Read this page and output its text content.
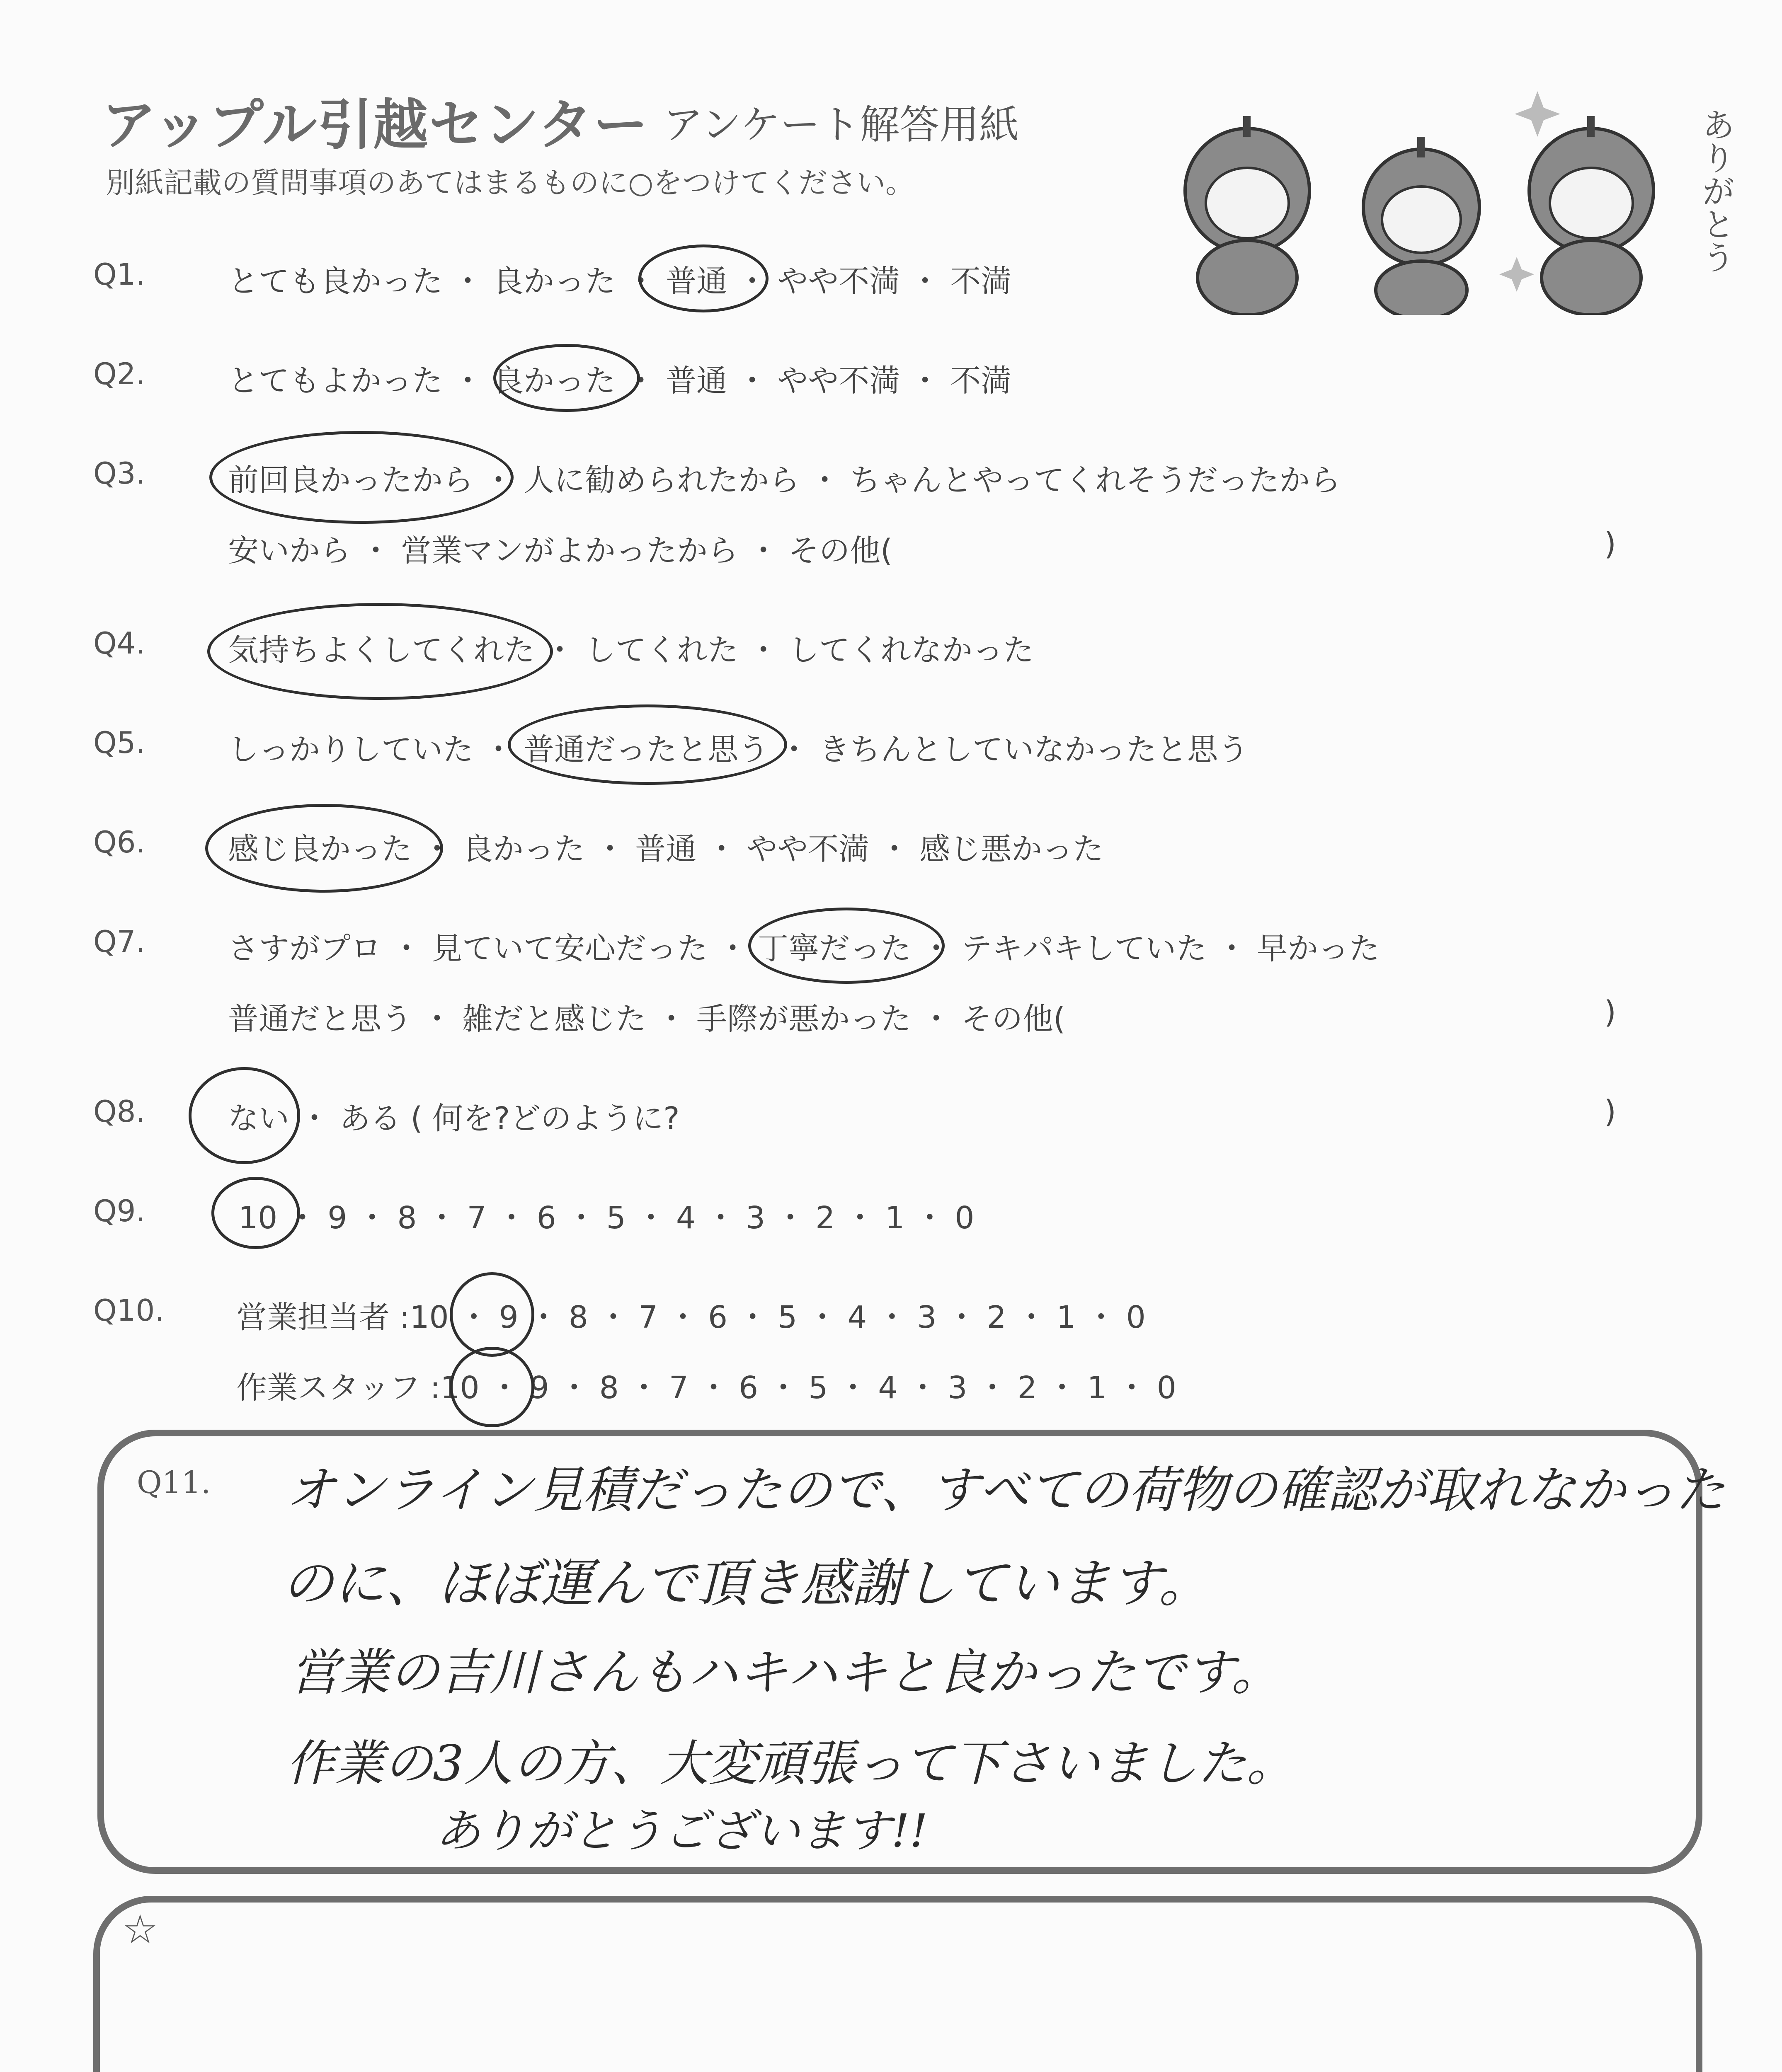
アップル引越センター アンケート解答用紙
別紙記載の質問事項のあてはまるものに○をつけてください。	ありがとう
Q1.	とても良かった ・ 良かった ・ 普通 ・ やや不満 ・ 不満
Q2.	とてもよかった ・ 良かった ・ 普通 ・ やや不満 ・ 不満
Q3.	前回良かったから ・ 人に勧められたから ・ ちゃんとやってくれそうだったから
安いから ・ 営業マンがよかったから ・ その他(	)
Q4.	気持ちよくしてくれた ・ してくれた ・ してくれなかった
Q5.	しっかりしていた ・ 普通だったと思う ・ きちんとしていなかったと思う
Q6.	感じ良かった ・ 良かった ・ 普通 ・ やや不満 ・ 感じ悪かった
Q7.	さすがプロ ・ 見ていて安心だった ・ 丁寧だった ・ テキパキしていた ・ 早かった
普通だと思う ・ 雑だと感じた ・ 手際が悪かった ・ その他(	)
Q8.	ない ・ ある ( 何を?どのように?	)
Q9.	10 ・ 9 ・ 8 ・ 7 ・ 6 ・ 5 ・ 4 ・ 3 ・ 2 ・ 1 ・ 0
Q10. 営業担当者 :10 ・ 9 ・ 8 ・ 7 ・ 6 ・ 5 ・ 4 ・ 3 ・ 2 ・ 1 ・ 0
作業スタッフ :10 ・ 9 ・ 8 ・ 7 ・ 6 ・ 5 ・ 4 ・ 3 ・ 2 ・ 1 ・ 0
Q11. オンライン見積だったので、すべての荷物の確認が取れなかった
のに、ほぼ運んで頂き感謝しています。
営業の吉川さんもハキハキと良かったです。
作業の3人の方、大変頑張って下さいました。
ありがとうございます!!
☆
